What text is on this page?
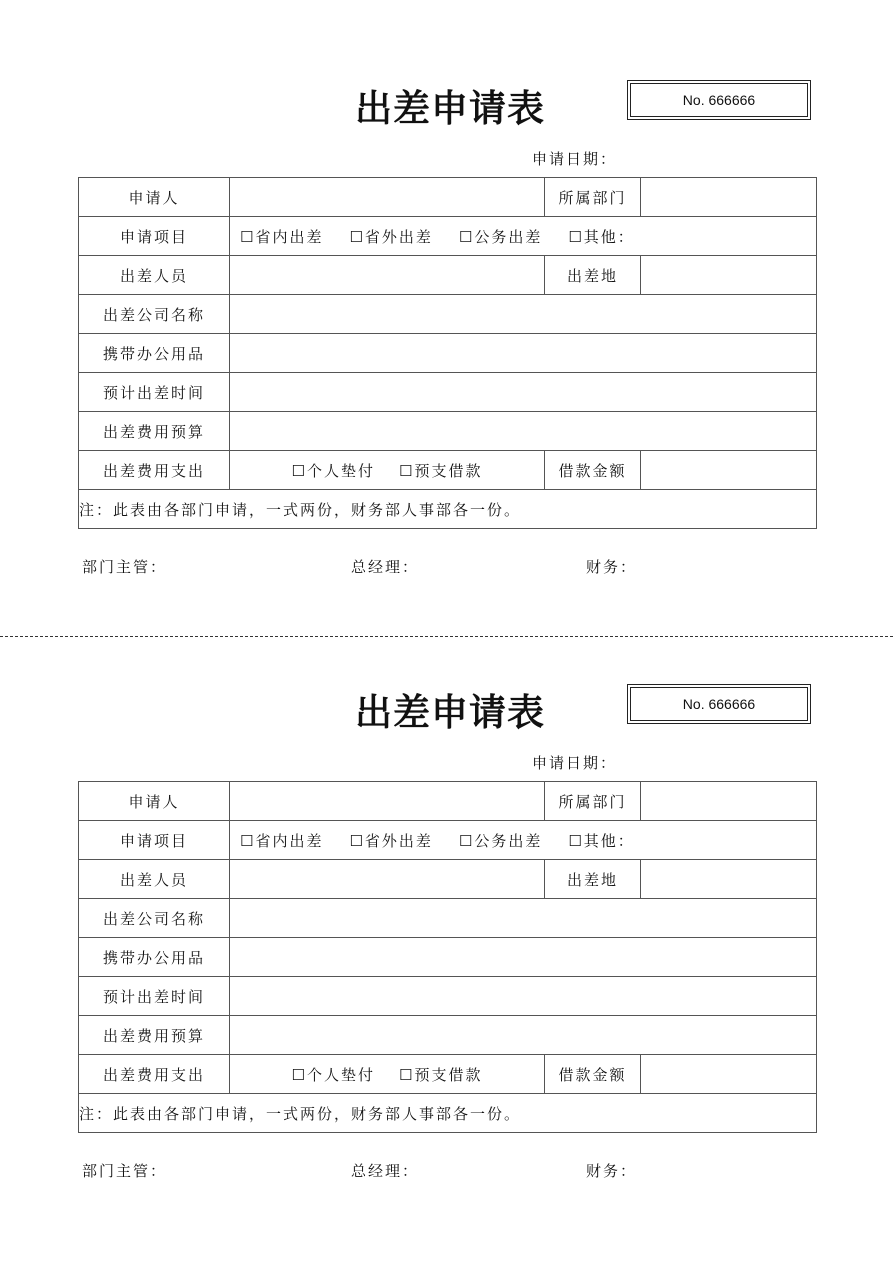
出差申请表	No. 666666
申请日期：
申请人		所属部门	
申请项目	☐省内出差 ☐省外出差 ☐公务出差 ☐其他：		

出差人员		出差地	
出差公司名称			
携带办公用品			
预计出差时间			
出差费用预算			
出差费用支出	☐个人垫付 ☐预支借款	借款金额	
注：此表由各部门申请，一式两份，财务部人事部各一份。			
部门主管：	总经理：	财务：
出差申请表	No. 666666
申请日期：
申请人		所属部门	
申请项目	☐省内出差 ☐省外出差 ☐公务出差 ☐其他：		

出差人员		出差地	
出差公司名称			
携带办公用品			
预计出差时间			
出差费用预算			
出差费用支出	☐个人垫付 ☐预支借款	借款金额	
注：此表由各部门申请，一式两份，财务部人事部各一份。			
部门主管：	总经理：	财务：
